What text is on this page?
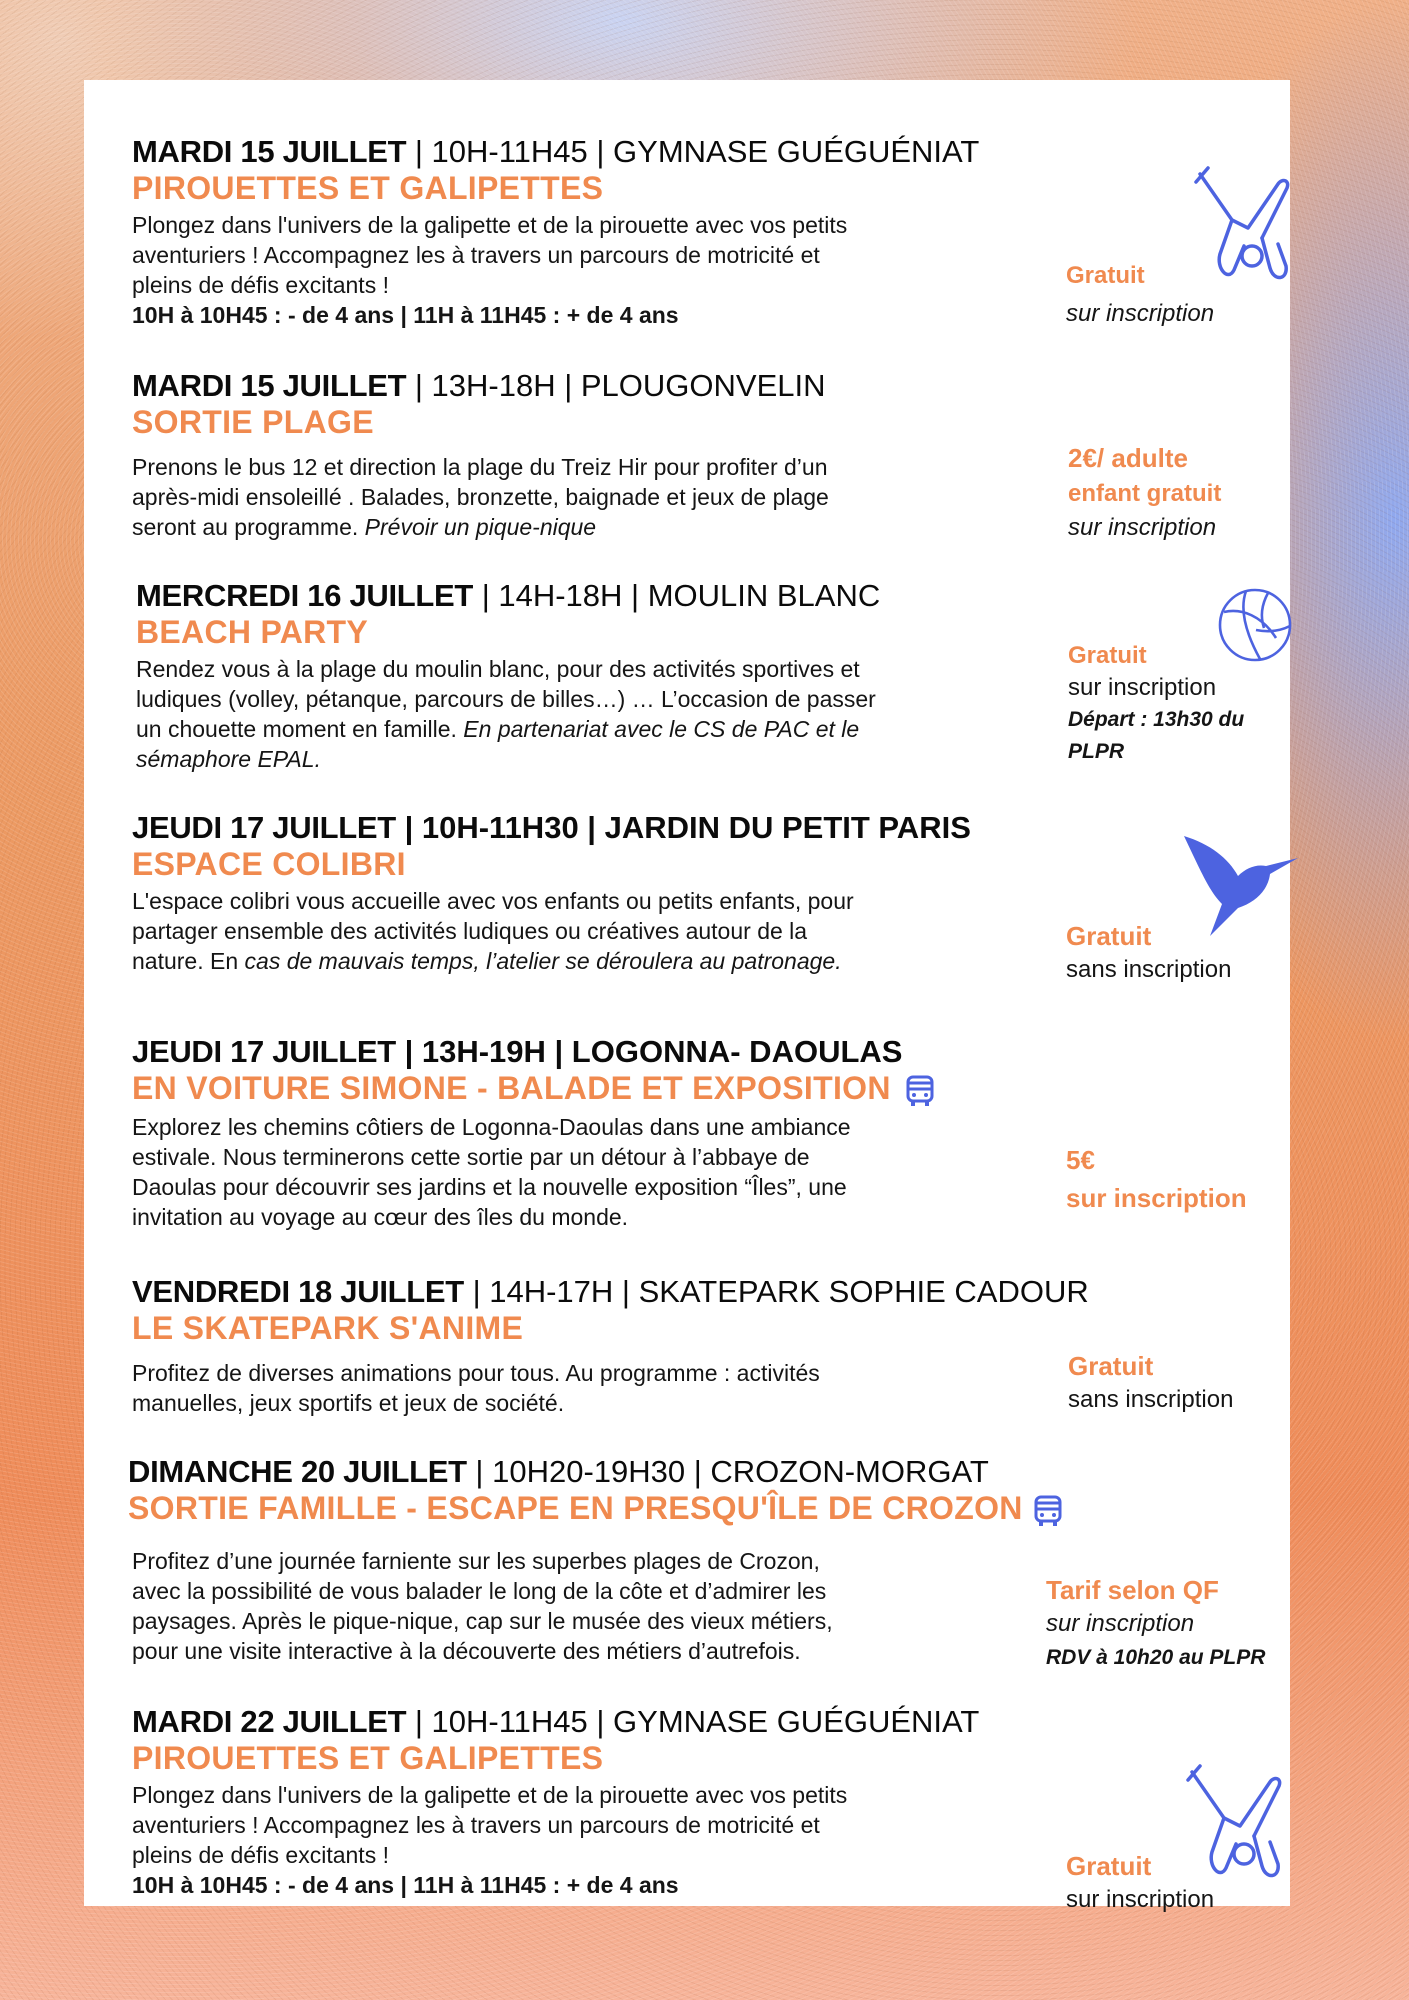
MARDI 15 JUILLET | 10H-11H45 | GYMNASE GUÉGUÉNIAT
PIROUETTES ET GALIPETTES
Plongez dans l'univers de la galipette et de la pirouette avec vos petits
aventuriers ! Accompagnez les à travers un parcours de motricité et
pleins de défis excitants !
10H à 10H45 : - de 4 ans | 11H à 11H45 : + de 4 ans
Gratuit
sur inscription
MARDI 15 JUILLET | 13H-18H | PLOUGONVELIN
SORTIE PLAGE
Prenons le bus 12 et direction la plage du Treiz Hir pour profiter d’un
après-midi ensoleillé . Balades, bronzette, baignade et jeux de plage
seront au programme. Prévoir un pique-nique
2€/ adulte
enfant gratuit
sur inscription
MERCREDI 16 JUILLET | 14H-18H | MOULIN BLANC
BEACH PARTY
Rendez vous à la plage du moulin blanc, pour des activités sportives et
ludiques (volley, pétanque, parcours de billes…) … L’occasion de passer
un chouette moment en famille. En partenariat avec le CS de PAC et le
sémaphore EPAL.
Gratuit
sur inscription
Départ : 13h30 du
PLPR
JEUDI 17 JUILLET | 10H-11H30 | JARDIN DU PETIT PARIS
ESPACE COLIBRI
L'espace colibri vous accueille avec vos enfants ou petits enfants, pour
partager ensemble des activités ludiques ou créatives autour de la
nature. En cas de mauvais temps, l’atelier se déroulera au patronage.
Gratuit
sans inscription
JEUDI 17 JUILLET | 13H-19H | LOGONNA- DAOULAS
EN VOITURE SIMONE - BALADE ET EXPOSITION
Explorez les chemins côtiers de Logonna-Daoulas dans une ambiance
estivale. Nous terminerons cette sortie par un détour à l’abbaye de
Daoulas pour découvrir ses jardins et la nouvelle exposition “Îles”, une
invitation au voyage au cœur des îles du monde.
5€
sur inscription
VENDREDI 18 JUILLET | 14H-17H | SKATEPARK SOPHIE CADOUR
LE SKATEPARK S'ANIME
Profitez de diverses animations pour tous. Au programme : activités
manuelles, jeux sportifs et jeux de société.
Gratuit
sans inscription
DIMANCHE 20 JUILLET | 10H20-19H30 | CROZON-MORGAT
SORTIE FAMILLE - ESCAPE EN PRESQU'ÎLE DE CROZON
Profitez d’une journée farniente sur les superbes plages de Crozon,
avec la possibilité de vous balader le long de la côte et d’admirer les
paysages. Après le pique-nique, cap sur le musée des vieux métiers,
pour une visite interactive à la découverte des métiers d’autrefois.
Tarif selon QF
sur inscription
RDV à 10h20 au PLPR
MARDI 22 JUILLET | 10H-11H45 | GYMNASE GUÉGUÉNIAT
PIROUETTES ET GALIPETTES
Plongez dans l'univers de la galipette et de la pirouette avec vos petits
aventuriers ! Accompagnez les à travers un parcours de motricité et
pleins de défis excitants !
10H à 10H45 : - de 4 ans | 11H à 11H45 : + de 4 ans
Gratuit
sur inscription
